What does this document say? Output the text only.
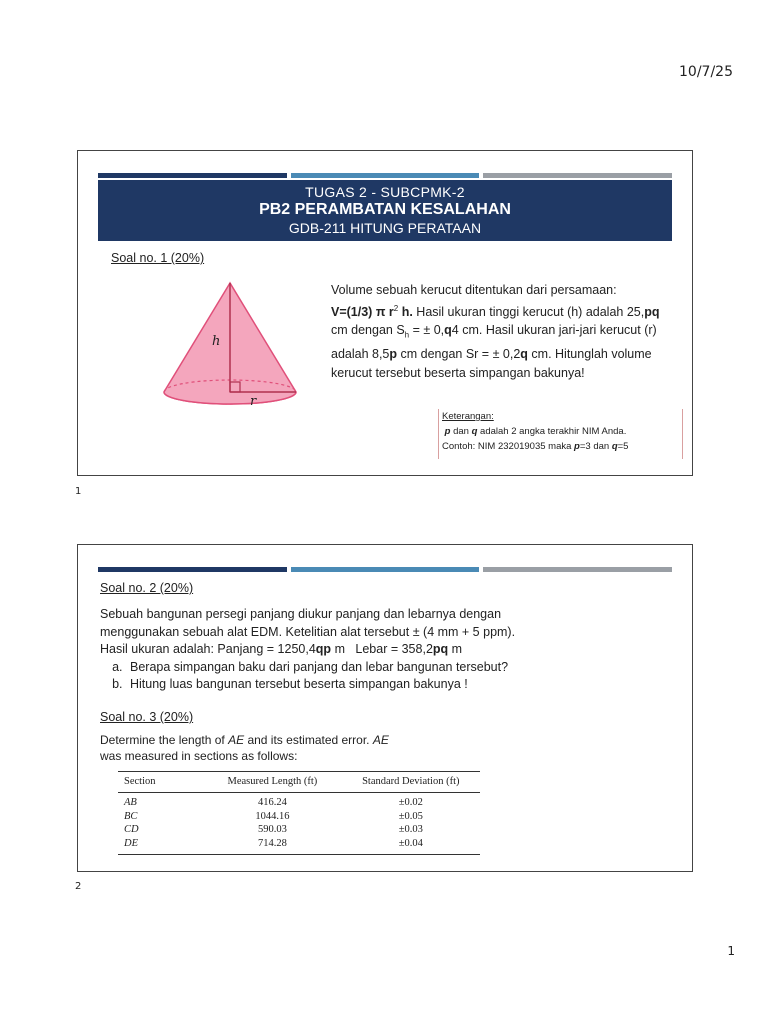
10/7/25
TUGAS 2 - SUBCPMK-2
PB2 PERAMBATAN KESALAHAN
GDB-211 HITUNG PERATAAN
Soal no. 1 (20%)
h
r
Volume sebuah kerucut ditentukan dari persamaan:
V=(1/3) π $r^2$ h. Hasil ukuran tinggi kerucut (h) adalah 25,pq cm dengan $S_h$ = ± 0,q4 cm. Hasil ukuran jari-jari kerucut (r) adalah 8,5p cm dengan Sr = ± 0,2q cm. Hitunglah volume kerucut tersebut beserta simpangan bakunya!
Keterangan:
p dan q adalah 2 angka terakhir NIM Anda.
Contoh: NIM 232019035 maka p=3 dan q=5
1
Soal no. 2 (20%)
Sebuah bangunan persegi panjang diukur panjang dan lebarnya dengan
menggunakan sebuah alat EDM. Ketelitian alat tersebut ± (4 mm + 5 ppm).
Hasil ukuran adalah: Panjang = 1250,4qp m   Lebar = 358,2pq m
a. Berapa simpangan baku dari panjang dan lebar bangunan tersebut?
b. Hitung luas bangunan tersebut beserta simpangan bakunya !
Soal no. 3 (20%)
Determine the length of AE and its estimated error. AE was measured in sections as follows:
Section	Measured Length (ft)	Standard Deviation (ft)
AB	416.24	±0.02
BC	1044.16	±0.05
CD	590.03	±0.03
DE	714.28	±0.04
2
1
